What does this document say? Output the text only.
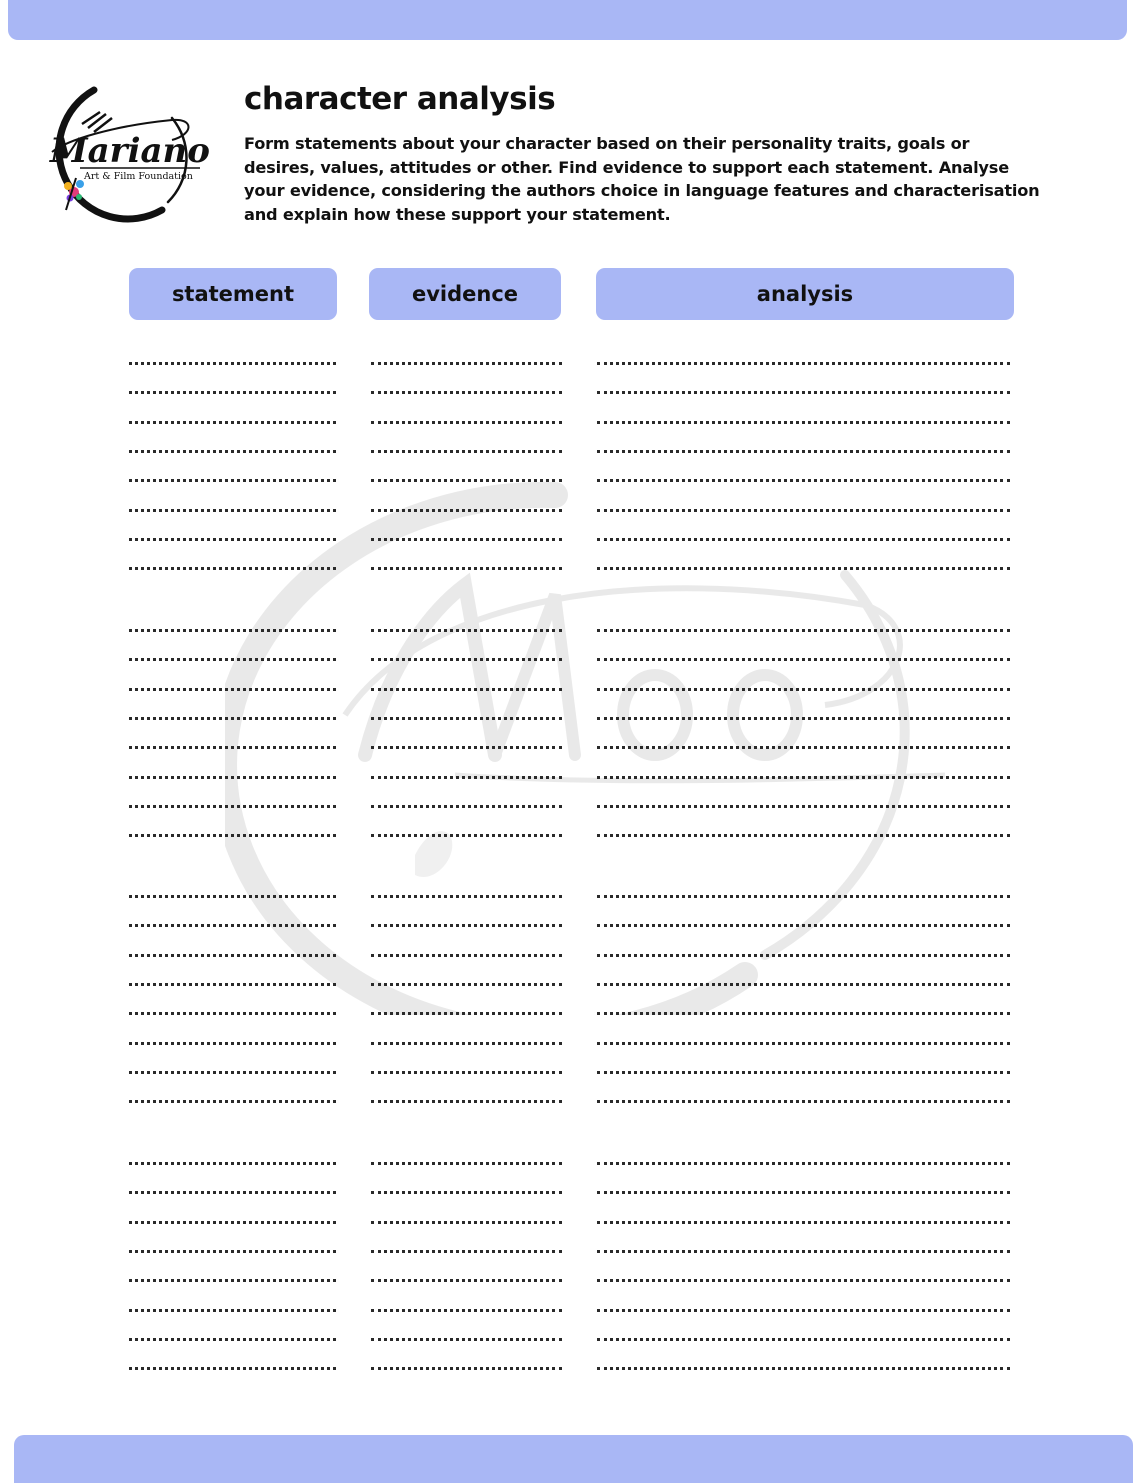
Mariano
Art & Film Foundation
character analysis

Form statements about your character based on their personality traits, goals or desires, values, attitudes or other. Find evidence to support each statement. Analyse your evidence, considering the authors choice in language features and characterisation and explain how these support your statement.

statement	evidence	analysis
